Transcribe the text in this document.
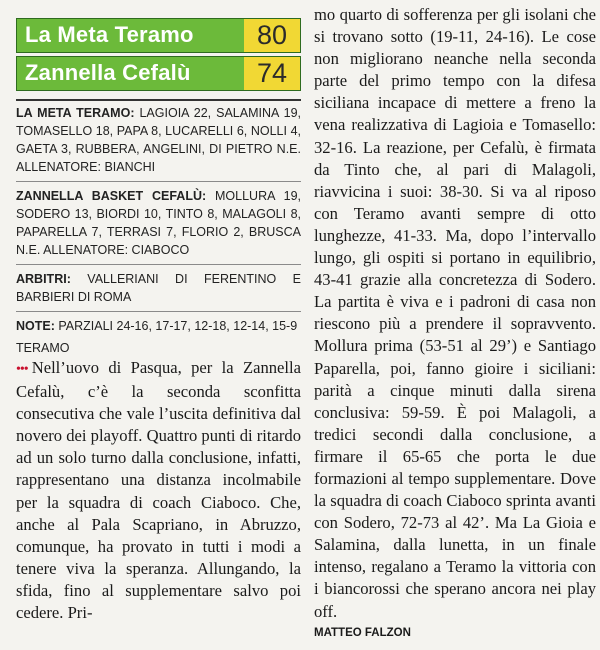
La Meta Teramo	80
Zannella Cefalù	74
LA META TERAMO: LAGIOIA 22, SALAMINA 19, TOMASELLO 18, PAPA 8, LUCARELLI 6, NOLLI 4, GAETA 3, RUBBERA, ANGELINI, DI PIETRO N.E. ALLENATORE: BIANCHI
ZANNELLA BASKET CEFALÙ: MOLLURA 19, SODERO 13, BIORDI 10, TINTO 8, MALAGOLI 8, PAPARELLA 7, TERRASI 7, FLORIO 2, BRUSCA N.E. ALLENATORE: CIABOCO
ARBITRI: VALLERIANI DI FERENTINO E BARBIERI DI ROMA
NOTE: PARZIALI 24-16, 17-17, 12-18, 12-14, 15-9
TERAMO

••• Nell’uovo di Pasqua, per la Zannella Cefalù, c’è la seconda sconfitta consecutiva che vale l’uscita definitiva dal novero dei playoff. Quattro punti di ritardo ad un solo turno dalla conclusione, infatti, rappresentano una distanza incolmabile per la squadra di coach Ciaboco. Che, anche al Pala Scapriano, in Abruzzo, comunque, ha provato in tutti i modi a tenere viva la speranza. Allungando, la sfida, fino al supplementare salvo poi cedere. Pri-

mo quarto di sofferenza per gli isolani che si trovano sotto (19-11, 24-16). Le cose non migliorano neanche nella seconda parte del primo tempo con la difesa siciliana incapace di mettere a freno la vena realizzativa di Lagioia e Tomasello: 32-16. La reazione, per Cefalù, è firmata da Tinto che, al pari di Malagoli, riavvicina i suoi: 38-30. Si va al riposo con Teramo avanti sempre di otto lunghezze, 41-33. Ma, dopo l’intervallo lungo, gli ospiti si portano in equilibrio, 43-41 grazie alla concretezza di Sodero. La partita è viva e i padroni di casa non riescono più a prendere il sopravvento. Mollura prima (53-51 al 29’) e Santiago Paparella, poi, fanno gioire i siciliani: parità a cinque minuti dalla sirena conclusiva: 59-59. È poi Malagoli, a tredici secondi dalla conclusione, a firmare il 65-65 che porta le due formazioni al tempo supplementare. Dove la squadra di coach Ciaboco sprinta avanti con Sodero, 72-73 al 42’. Ma La Gioia e Salamina, dalla lunetta, in un finale intenso, regalano a Teramo la vittoria con i biancorossi che sperano ancora nei play off.

MATTEO FALZON
